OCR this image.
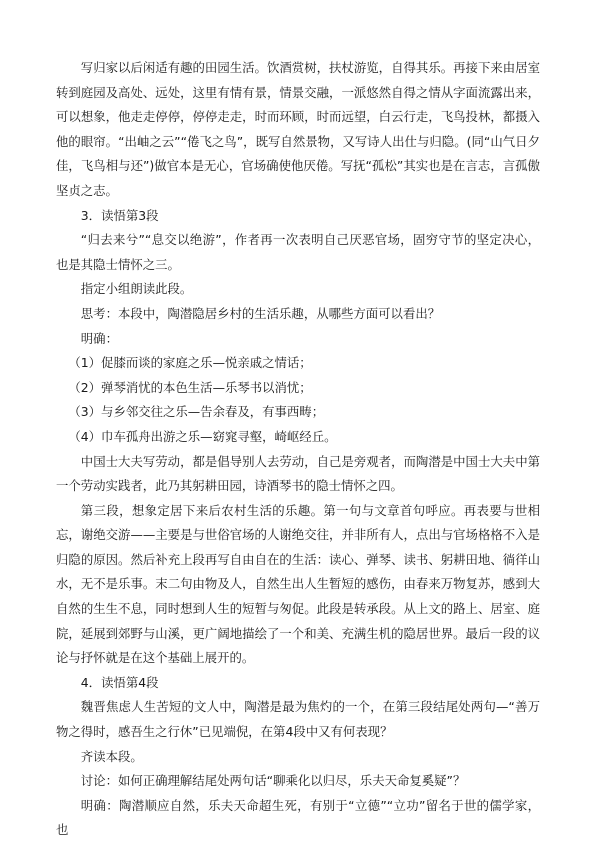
写归家以后闲适有趣的田园生活。饮酒赏树，扶杖游览，自得其乐。再接下来由居室转到庭园及高处、远处，这里有情有景，情景交融，一派悠然自得之情从字面流露出来，可以想象，他走走停停，停停走走，时而环顾，时而远望，白云行走，飞鸟投林，都摄入他的眼帘。“出岫之云”“倦飞之鸟”，既写自然景物，又写诗人出仕与归隐。(同“山气日夕佳，飞鸟相与还”)做官本是无心，官场确使他厌倦。写抚“孤松”其实也是在言志，言孤傲坚贞之志。

3．读悟第3段

“归去来兮”“息交以绝游”，作者再一次表明自己厌恶官场，固穷守节的坚定决心，也是其隐士情怀之三。

指定小组朗读此段。

思考：本段中，陶潜隐居乡村的生活乐趣，从哪些方面可以看出？

明确：

（1）促膝而谈的家庭之乐—悦亲戚之情话；

（2）弹琴消忧的本色生活—乐琴书以消忧；

（3）与乡邻交往之乐—告余春及，有事西畴；

（4）巾车孤舟出游之乐—窈窕寻壑，崎岖经丘。

中国士大夫写劳动，都是倡导别人去劳动，自己是旁观者，而陶潜是中国士大夫中第一个劳动实践者，此乃其躬耕田园，诗酒琴书的隐士情怀之四。

第三段，想象定居下来后农村生活的乐趣。第一句与文章首句呼应。再表要与世相忘，谢绝交游——主要是与世俗官场的人谢绝交往，并非所有人，点出与官场格格不入是归隐的原因。然后补充上段再写自由自在的生活：读心、弹琴、读书、躬耕田地、徜徉山水，无不是乐事。末二句由物及人，自然生出人生暂短的感伤，由春来万物复苏，感到大自然的生生不息，同时想到人生的短暂与匆促。此段是转承段。从上文的路上、居室、庭院，延展到郊野与山溪，更广阔地描绘了一个和美、充满生机的隐居世界。最后一段的议论与抒怀就是在这个基础上展开的。

4．读悟第4段

魏晋焦虑人生苦短的文人中，陶潜是最为焦灼的一个，在第三段结尾处两句—“善万物之得时，感吾生之行休”已见端倪，在第4段中又有何表现？

齐读本段。

讨论：如何正确理解结尾处两句话“聊乘化以归尽，乐夫天命复奚疑”？

明确：陶潜顺应自然，乐夫天命超生死，有别于“立德”“立功”留名于世的儒学家，也
